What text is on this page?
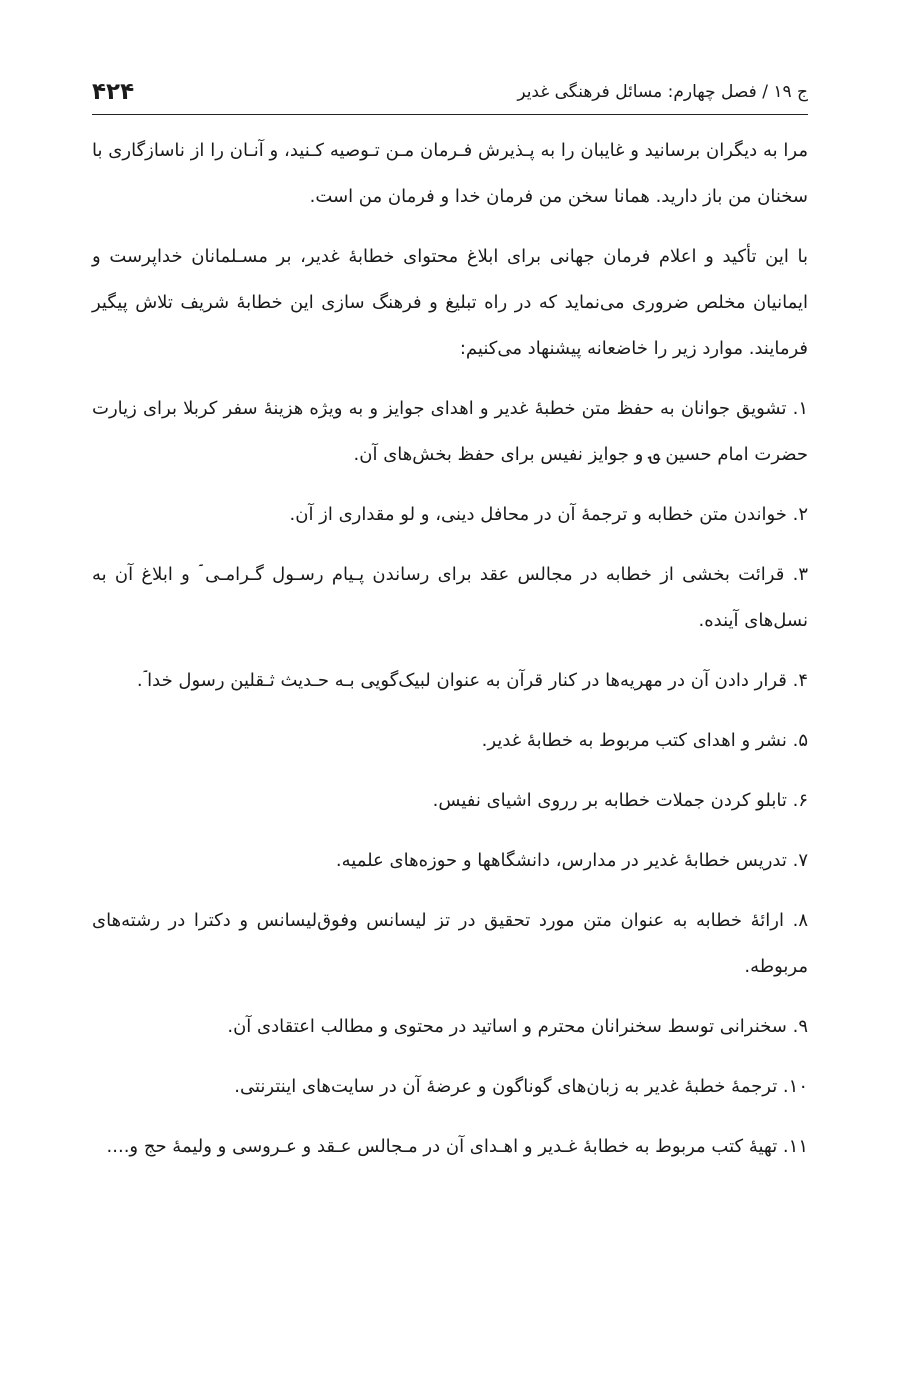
ج ۱۹ / فصل چهارم: مسائل فرهنگی غدیر
۴۲۴

مرا به دیگران برسانید و غایبان را به پـذیرش فـرمان مـن تـوصیه کـنید، و آنـان را از ناسازگاری با سخنان من باز دارید. همانا سخن من فرمان خدا و فرمان من است.

با این تأکید و اعلام فرمان جهانی برای ابلاغ محتوای خطابهٔ غدیر، بر مسـلمانان خداپرست و ایمانیان مخلص ضروری می‌نماید که در راه تبلیغ و فرهنگ سازی این خطابهٔ شریف تلاش پیگیر فرمایند. موارد زیر را خاضعانه پیشنهاد می‌کنیم:

۱. تشویق جوانان به حفظ متن خطبهٔ غدیر و اهدای جوایز و به ویژه هزینهٔ سفر کربلا برای زیارت حضرت امام حسین ؈ و جوایز نفیس برای حفظ بخش‌های آن.

۲. خواندن متن خطابه و ترجمهٔ آن در محافل دینی، و لو مقداری از آن.

۳. قرائت بخشی از خطابه در مجالس عقد برای رساندن پـیام رسـول گـرامـی ؐ و ابلاغ آن به نسل‌های آینده.

۴. قرار دادن آن در مهریه‌ها در کنار قرآن به عنوان لبیک‌گویی بـه حـدیث ثـقلین رسول خدا ؐ.

۵. نشر و اهدای کتب مربوط به خطابهٔ غدیر.

۶. تابلو کردن جملات خطابه بر رروی اشیای نفیس.

۷. تدریس خطابهٔ غدیر در مدارس، دانشگاهها و حوزه‌های علمیه.

۸. ارائهٔ خطابه به عنوان متن مورد تحقیق در تز لیسانس وفوق‌لیسانس و دکترا در رشته‌های مربوطه.

۹. سخنرانی توسط سخنرانان محترم و اساتید در محتوی و مطالب اعتقادی آن.

۱۰. ترجمهٔ خطبهٔ غدیر به زبان‌های گوناگون و عرضهٔ آن در سایت‌های اینترنتی.

۱۱. تهیهٔ کتب مربوط به خطابهٔ غـدیر و اهـدای آن در مـجالس عـقد و عـروسی و ولیمهٔ حج و....
